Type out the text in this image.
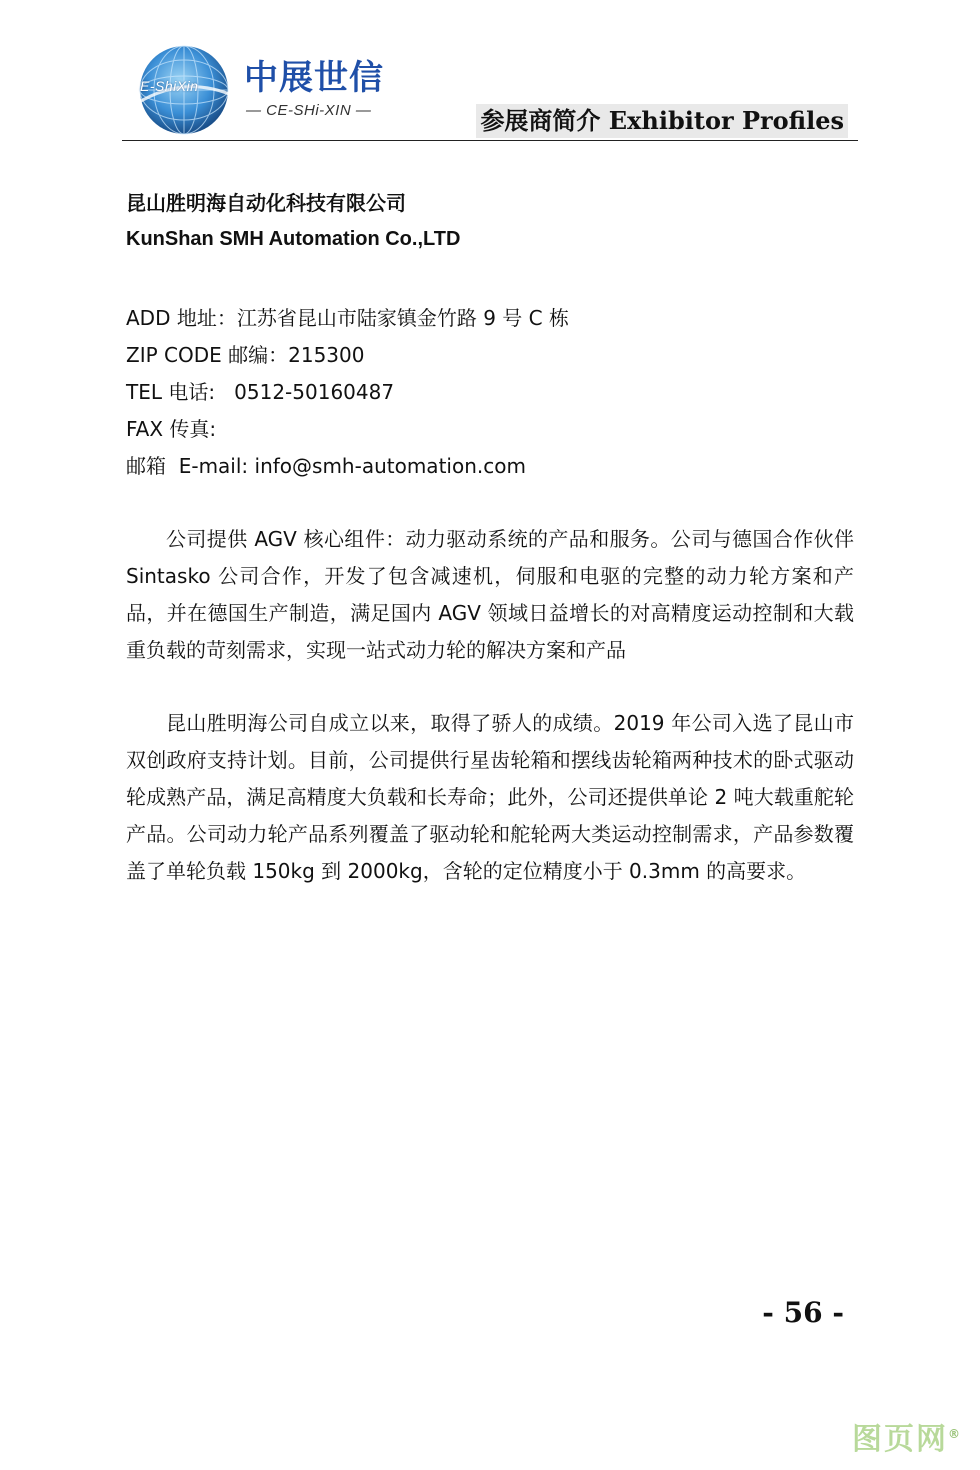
E-ShiXin 中展世信
— CE-SHi-XIN —	参展商简介 Exhibitor Profiles
昆山胜明海自动化科技有限公司
KunShan SMH Automation Co.,LTD
ADD 地址：江苏省昆山市陆家镇金竹路 9 号 C 栋
ZIP CODE 邮编：215300
TEL 电话:   0512-50160487
FAX 传真:
邮箱  E-mail: info@smh-automation.com

公司提供 AGV 核心组件：动力驱动系统的产品和服务。公司与德国合作伙伴 Sintasko 公司合作，开发了包含减速机，伺服和电驱的完整的动力轮方案和产品，并在德国生产制造，满足国内 AGV 领域日益增长的对高精度运动控制和大载重负载的苛刻需求，实现一站式动力轮的解决方案和产品

昆山胜明海公司自成立以来，取得了骄人的成绩。2019 年公司入选了昆山市双创政府支持计划。目前，公司提供行星齿轮箱和摆线齿轮箱两种技术的卧式驱动轮成熟产品，满足高精度大负载和长寿命；此外，公司还提供单论 2 吨大载重舵轮产品。公司动力轮产品系列覆盖了驱动轮和舵轮两大类运动控制需求，产品参数覆盖了单轮负载 150kg 到 2000kg，含轮的定位精度小于 0.3mm 的高要求。

- 56 -
图页网®
